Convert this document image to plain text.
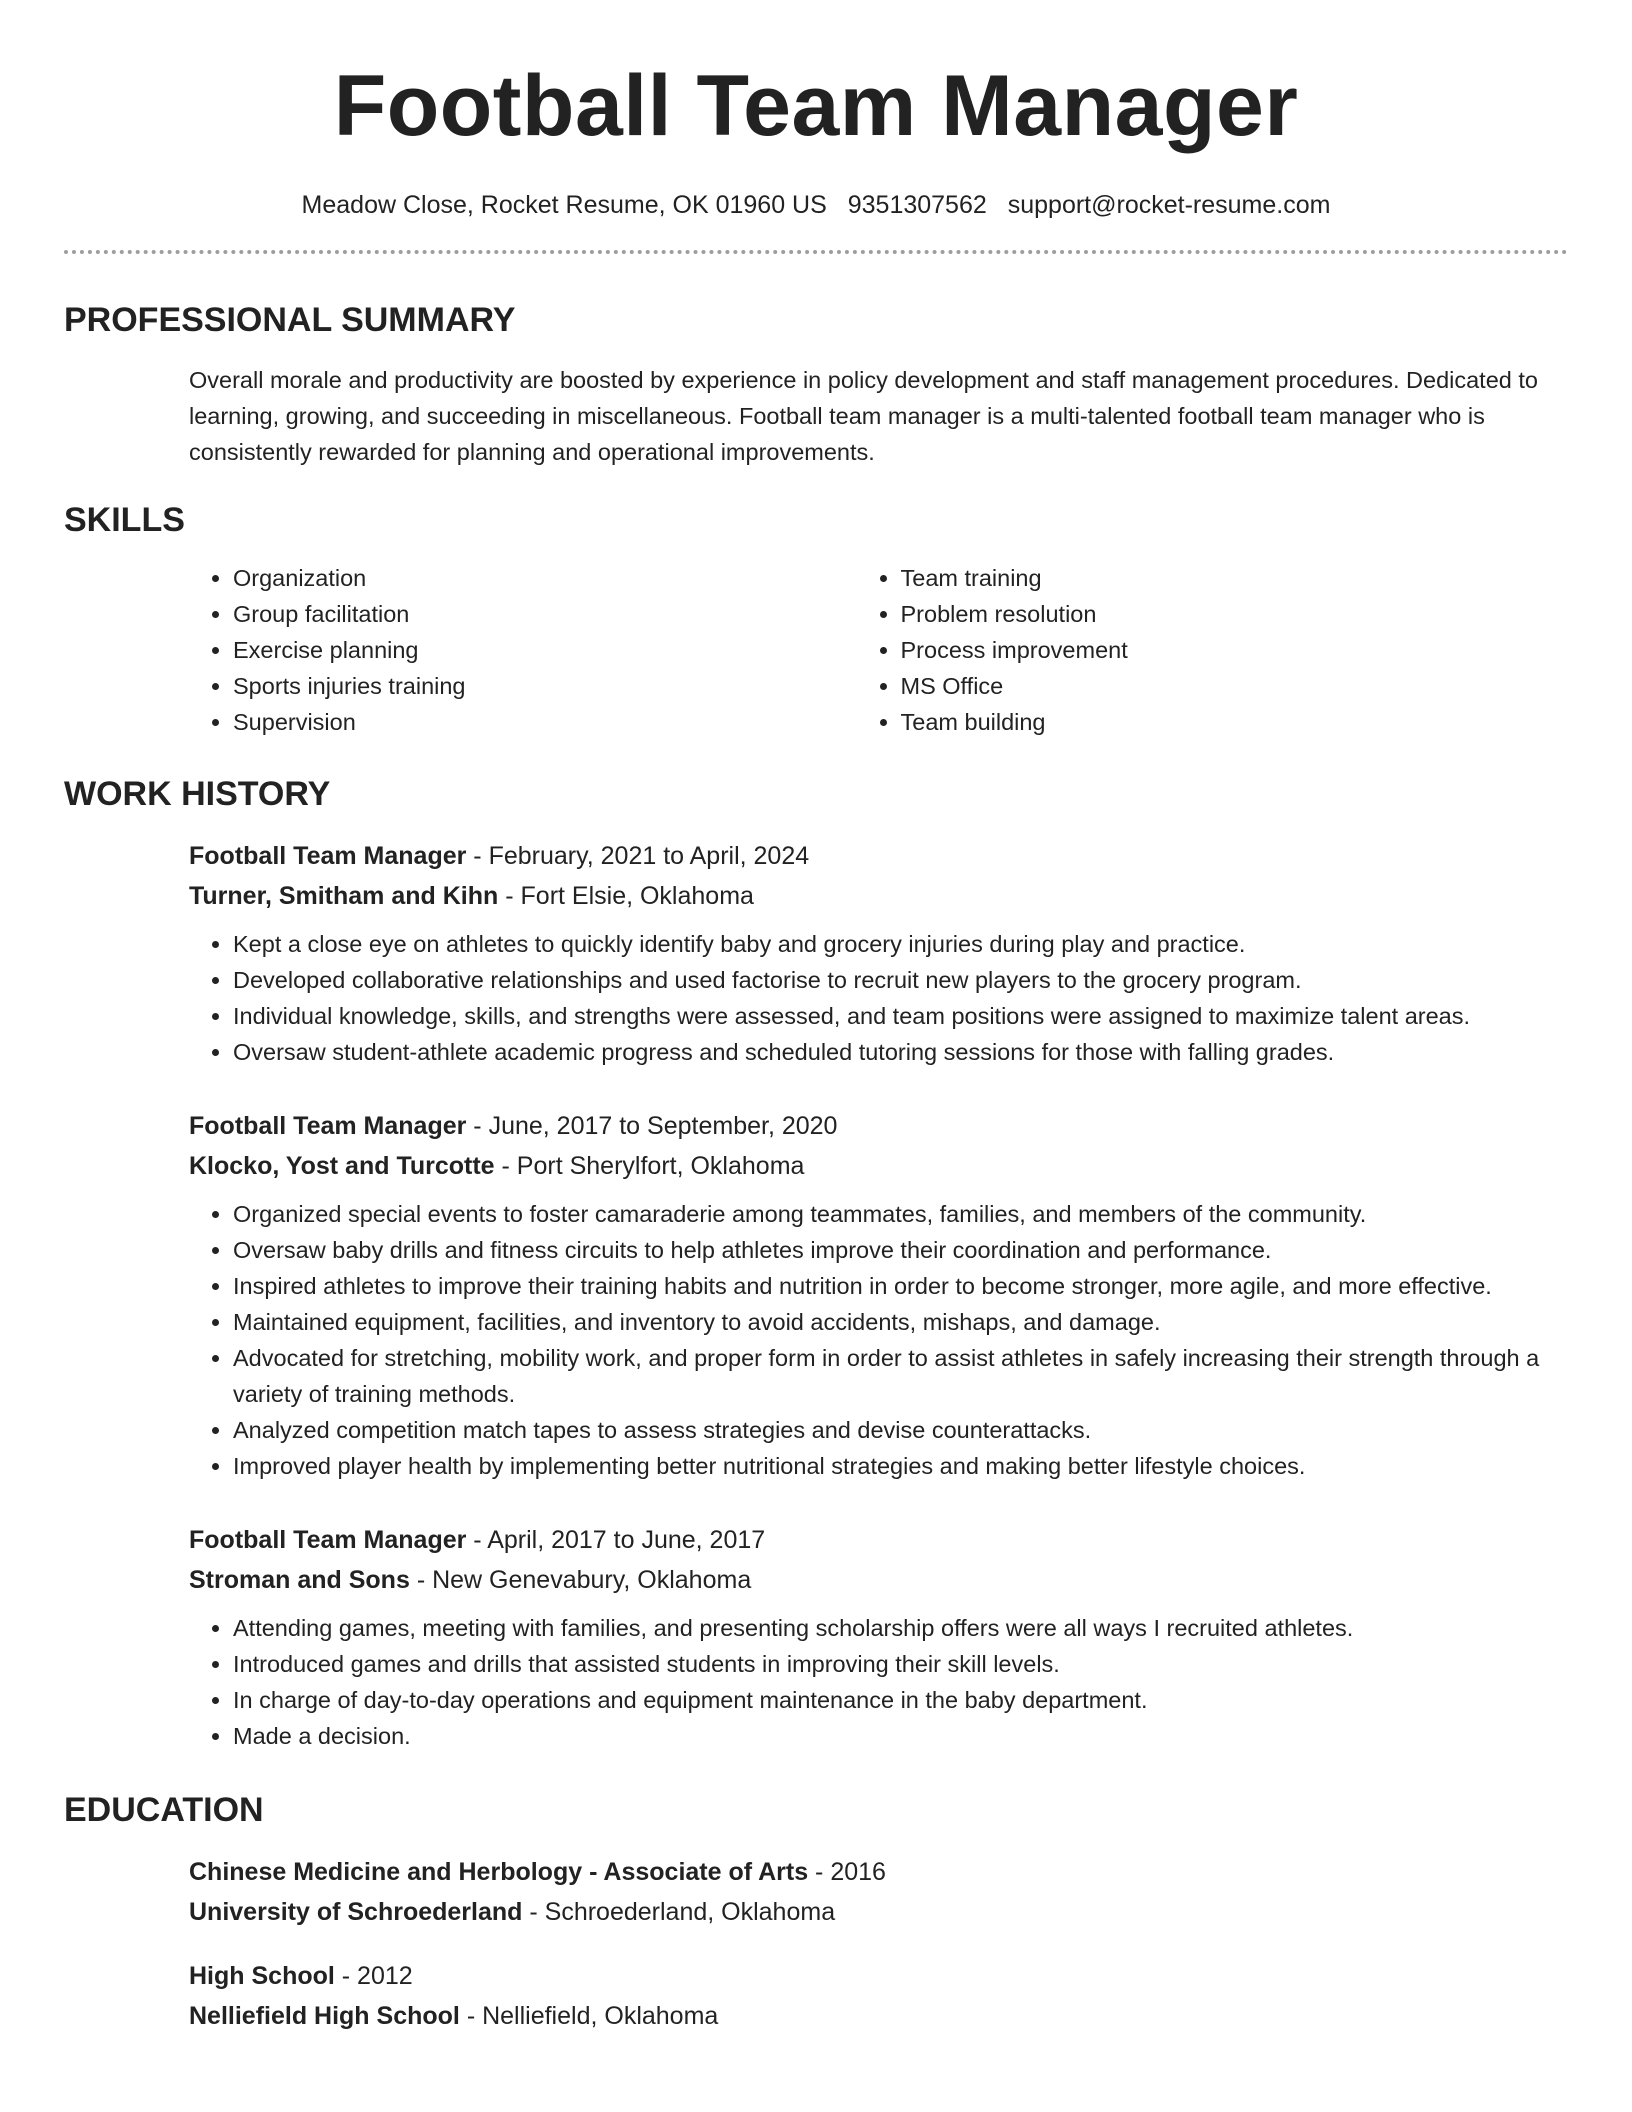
Football Team Manager
Meadow Close, Rocket Resume, OK 01960 US 9351307562 support@rocket-resume.com
PROFESSIONAL SUMMARY
Overall morale and productivity are boosted by experience in policy development and staff management procedures. Dedicated to learning, growing, and succeeding in miscellaneous. Football team manager is a multi-talented football team manager who is consistently rewarded for planning and operational improvements.
SKILLS
• Organization
• Group facilitation
• Exercise planning
• Sports injuries training
• Supervision
• Team training
• Problem resolution
• Process improvement
• MS Office
• Team building
WORK HISTORY
Football Team Manager - February, 2021 to April, 2024
Turner, Smitham and Kihn - Fort Elsie, Oklahoma
• Kept a close eye on athletes to quickly identify baby and grocery injuries during play and practice.
• Developed collaborative relationships and used factorise to recruit new players to the grocery program.
• Individual knowledge, skills, and strengths were assessed, and team positions were assigned to maximize talent areas.
• Oversaw student-athlete academic progress and scheduled tutoring sessions for those with falling grades.
Football Team Manager - June, 2017 to September, 2020
Klocko, Yost and Turcotte - Port Sherylfort, Oklahoma
• Organized special events to foster camaraderie among teammates, families, and members of the community.
• Oversaw baby drills and fitness circuits to help athletes improve their coordination and performance.
• Inspired athletes to improve their training habits and nutrition in order to become stronger, more agile, and more effective.
• Maintained equipment, facilities, and inventory to avoid accidents, mishaps, and damage.
• Advocated for stretching, mobility work, and proper form in order to assist athletes in safely increasing their strength through a variety of training methods.
• Analyzed competition match tapes to assess strategies and devise counterattacks.
• Improved player health by implementing better nutritional strategies and making better lifestyle choices.
Football Team Manager - April, 2017 to June, 2017
Stroman and Sons - New Genevabury, Oklahoma
• Attending games, meeting with families, and presenting scholarship offers were all ways I recruited athletes.
• Introduced games and drills that assisted students in improving their skill levels.
• In charge of day-to-day operations and equipment maintenance in the baby department.
• Made a decision.
EDUCATION
Chinese Medicine and Herbology - Associate of Arts - 2016
University of Schroederland - Schroederland, Oklahoma
High School - 2012
Nelliefield High School - Nelliefield, Oklahoma
